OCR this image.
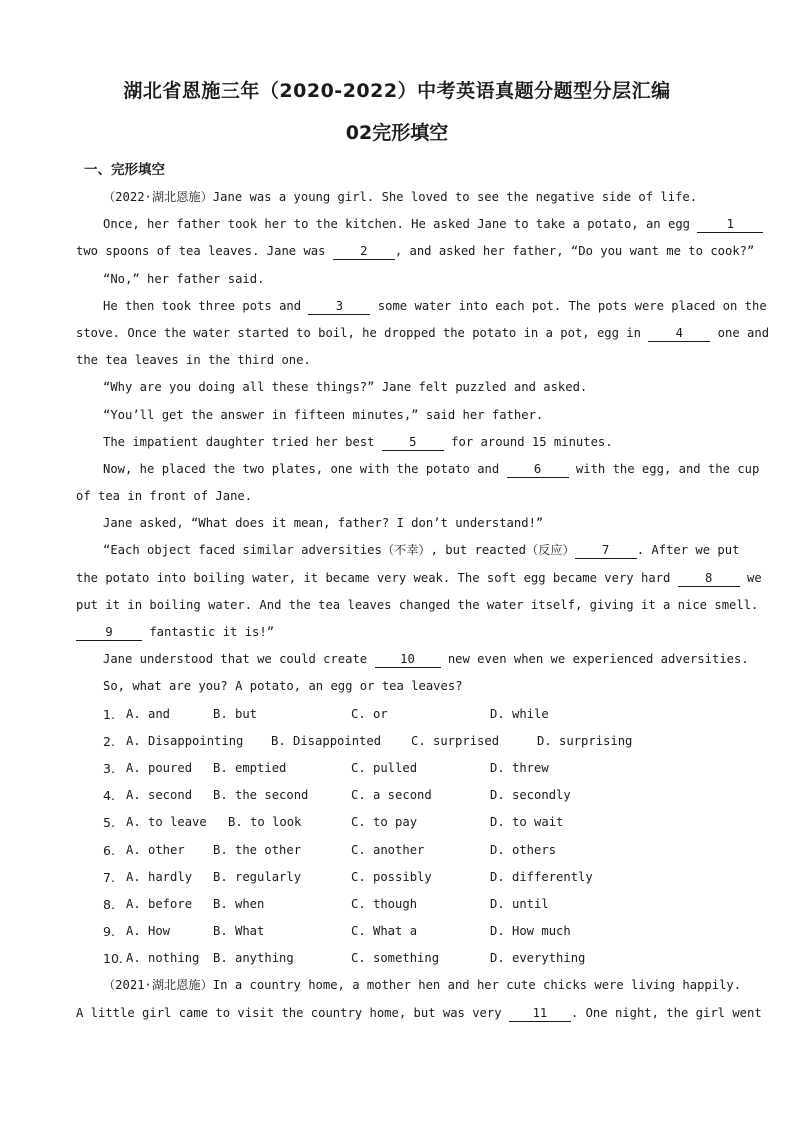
湖北省恩施三年（2020-2022）中考英语真题分题型分层汇编
02完形填空
一、完形填空
（2022·湖北恩施）Jane was a young girl. She loved to see the negative side of life.
Once, her father took her to the kitchen. He asked Jane to take a potato, an egg 1
two spoons of tea leaves. Jane was 2 , and asked her father, “Do you want me to cook?”
“No,” her father said.
He then took three pots and 3 some water into each pot. The pots were placed on the
stove. Once the water started to boil, he dropped the potato in a pot, egg in 4 one and
the tea leaves in the third one.
“Why are you doing all these things?” Jane felt puzzled and asked.
“You’ll get the answer in fifteen minutes,” said her father.
The impatient daughter tried her best 5 for around 15 minutes.
Now, he placed the two plates, one with the potato and 6 with the egg, and the cup
of tea in front of Jane.
Jane asked, “What does it mean, father? I don’t understand!”
“Each object faced similar adversities（不幸）, but reacted（反应） 7 . After we put
the potato into boiling water, it became very weak. The soft egg became very hard 8 we
put it in boiling water. And the tea leaves changed the water itself, giving it a nice smell.
9 fantastic it is!”
Jane understood that we could create 10 new even when we experienced adversities.
So, what are you? A potato, an egg or tea leaves?
1. A. and	B. but	C. or	D. while
2. A. Disappointing B. Disappointed C. surprised	D. surprising
3. A. poured B. emptied	C. pulled	D. threw
4. A. second B. the second	C. a second	D. secondly
5. A. to leave B. to look	C. to pay	D. to wait
6. A. other B. the other	C. another	D. others
7. A. hardly B. regularly	C. possibly	D. differently
8. A. before B. when	C. though	D. until
9. A. How	B. What	C. What a	D. How much
10. A. nothing B. anything	C. something	D. everything
（2021·湖北恩施）In a country home, a mother hen and her cute chicks were living happily.
A little girl came to visit the country home, but was very 11 . One night, the girl went
